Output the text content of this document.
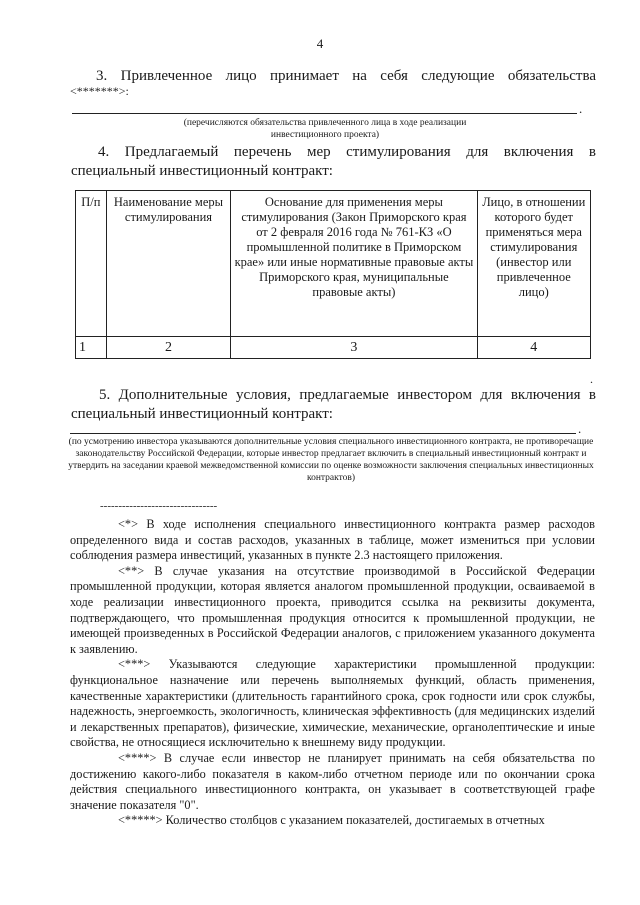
4
3. Привлеченное лицо принимает на себя следующие обязательства
<*******>:
.
(перечисляются обязательства привлеченного лица в ходе реализации инвестиционного проекта)
4. Предлагаемый перечень мер стимулирования для включения в
специальный инвестиционный контракт:
П/п	Наименование меры стимулирования	Основание для применения меры стимулирования (Закон Приморского края от 2 февраля 2016 года № 761-КЗ «О промышленной политике в Приморском крае» или иные нормативные правовые акты Приморского края, муниципальные правовые акты)	Лицо, в отношении которого будет применяться мера стимулирования (инвестор или привлеченное лицо)
1	2	3	4
.
5. Дополнительные условия, предлагаемые инвестором для включения в
специальный инвестиционный контракт:
.
(по усмотрению инвестора указываются дополнительные условия специального инвестиционного контракта, не противоречащие законодательству Российской Федерации, которые инвестор предлагает включить в специальный инвестиционный контракт и утвердить на заседании краевой межведомственной комиссии по оценке возможности заключения специальных инвестиционных контрактов)
--------------------------------

<*> В ходе исполнения специального инвестиционного контракта размер расходов определенного вида и состав расходов, указанных в таблице, может измениться при условии соблюдения размера инвестиций, указанных в пункте 2.3 настоящего приложения.

<**> В случае указания на отсутствие производимой в Российской Федерации промышленной продукции, которая является аналогом промышленной продукции, осваиваемой в ходе реализации инвестиционного проекта, приводится ссылка на реквизиты документа, подтверждающего, что промышленная продукция относится к промышленной продукции, не имеющей произведенных в Российской Федерации аналогов, с приложением указанного документа к заявлению.

<***> Указываются следующие характеристики промышленной продукции: функциональное назначение или перечень выполняемых функций, область применения, качественные характеристики (длительность гарантийного срока, срок годности или срок службы, надежность, энергоемкость, экологичность, клиническая эффективность (для медицинских изделий и лекарственных препаратов), физические, химические, механические, органолептические и иные свойства, не относящиеся исключительно к внешнему виду продукции.

<****> В случае если инвестор не планирует принимать на себя обязательства по достижению какого-либо показателя в каком-либо отчетном периоде или по окончании срока действия специального инвестиционного контракта, он указывает в соответствующей графе значение показателя "0".

<*****> Количество столбцов с указанием показателей, достигаемых в отчетных
